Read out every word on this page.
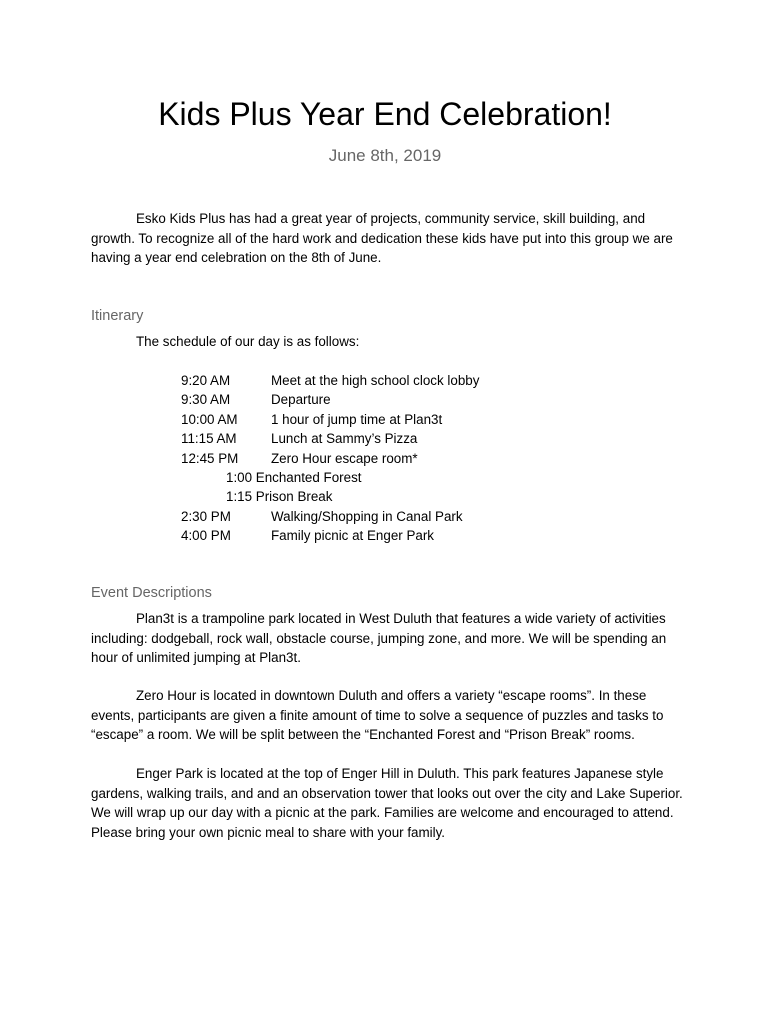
Kids Plus Year End Celebration!
June 8th, 2019

Esko Kids Plus has had a great year of projects, community service, skill building, and growth. To recognize all of the hard work and dedication these kids have put into this group we are having a year end celebration on the 8th of June.

Itinerary
The schedule of our day is as follows:
9:20 AM	Meet at the high school clock lobby
9:30 AM	Departure
10:00 AM 1 hour of jump time at Plan3t
11:15 AM	Lunch at Sammy’s Pizza
12:45 PM Zero Hour escape room*
1:00 Enchanted Forest
1:15 Prison Break
2:30 PM	Walking/Shopping in Canal Park
4:00 PM	Family picnic at Enger Park
Event Descriptions

Plan3t is a trampoline park located in West Duluth that features a wide variety of activities including: dodgeball, rock wall, obstacle course, jumping zone, and more. We will be spending an hour of unlimited jumping at Plan3t.

Zero Hour is located in downtown Duluth and offers a variety “escape rooms”. In these events, participants are given a finite amount of time to solve a sequence of puzzles and tasks to “escape” a room. We will be split between the “Enchanted Forest and “Prison Break” rooms.

Enger Park is located at the top of Enger Hill in Duluth. This park features Japanese style gardens, walking trails, and and an observation tower that looks out over the city and Lake Superior. We will wrap up our day with a picnic at the park. Families are welcome and encouraged to attend. Please bring your own picnic meal to share with your family.
